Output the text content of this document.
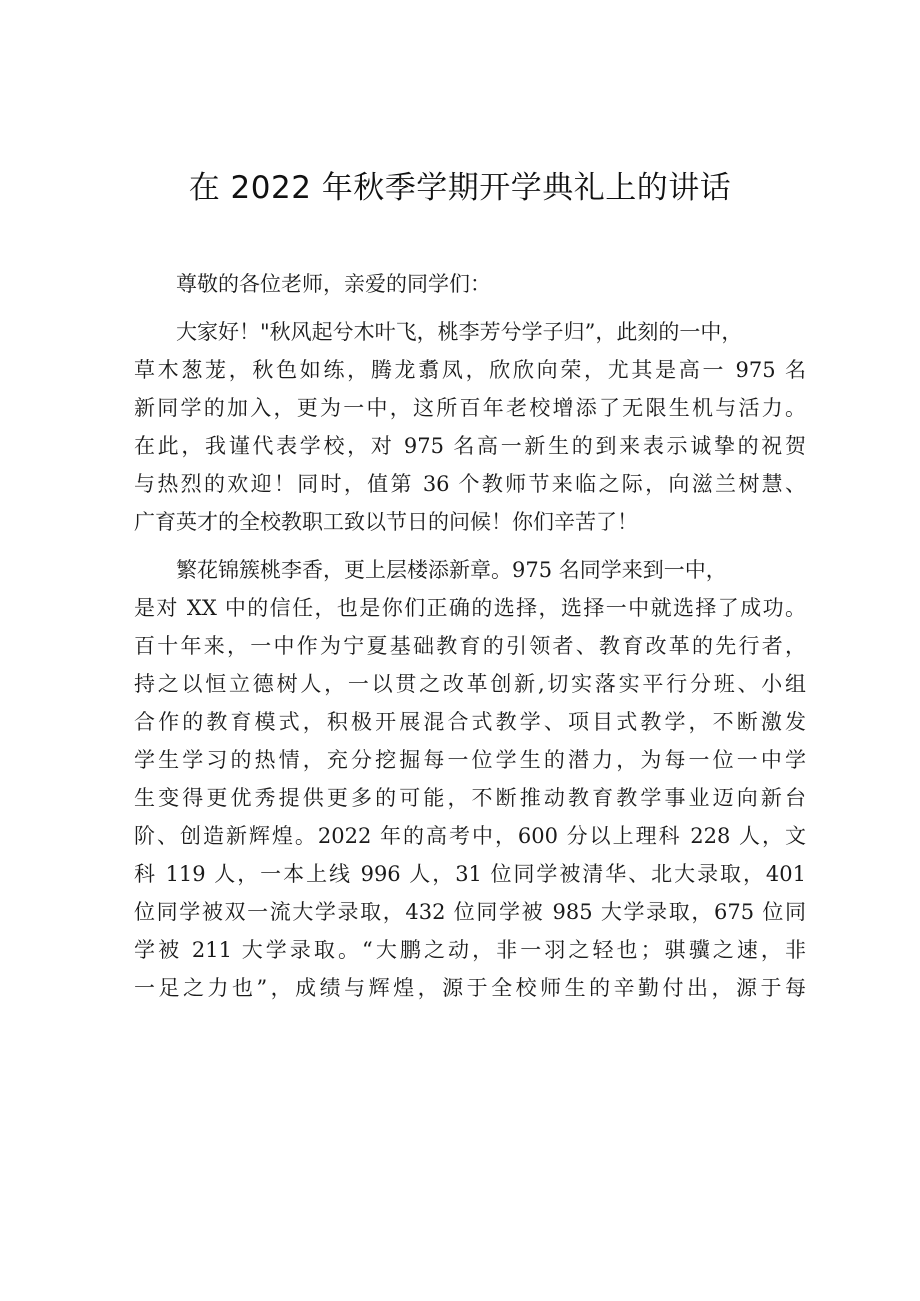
在 2022 年秋季学期开学典礼上的讲话
尊敬的各位老师，亲爱的同学们：
大家好！"秋风起兮木叶飞，桃李芳兮学子归”，此刻的一中，
草木葱茏，秋色如练，腾龙翥凤，欣欣向荣，尤其是高一 975 名
新同学的加入，更为一中，这所百年老校增添了无限生机与活力。
在此，我谨代表学校，对 975 名高一新生的到来表示诚挚的祝贺
与热烈的欢迎！同时，值第 36 个教师节来临之际，向滋兰树慧、
广育英才的全校教职工致以节日的问候！你们辛苦了！
繁花锦簇桃李香，更上层楼添新章。975 名同学来到一中，
是对 XX 中的信任，也是你们正确的选择，选择一中就选择了成功。
百十年来，一中作为宁夏基础教育的引领者、教育改革的先行者，
持之以恒立德树人，一以贯之改革创新,切实落实平行分班、小组
合作的教育模式，积极开展混合式教学、项目式教学，不断激发
学生学习的热情，充分挖掘每一位学生的潜力，为每一位一中学
生变得更优秀提供更多的可能，不断推动教育教学事业迈向新台
阶、创造新辉煌。2022 年的高考中，600 分以上理科 228 人，文
科 119 人，一本上线 996 人，31 位同学被清华、北大录取，401
位同学被双一流大学录取，432 位同学被 985 大学录取，675 位同
学被 211 大学录取。“大鹏之动，非一羽之轻也；骐骥之速，非
一足之力也”，成绩与辉煌，源于全校师生的辛勤付出，源于每
